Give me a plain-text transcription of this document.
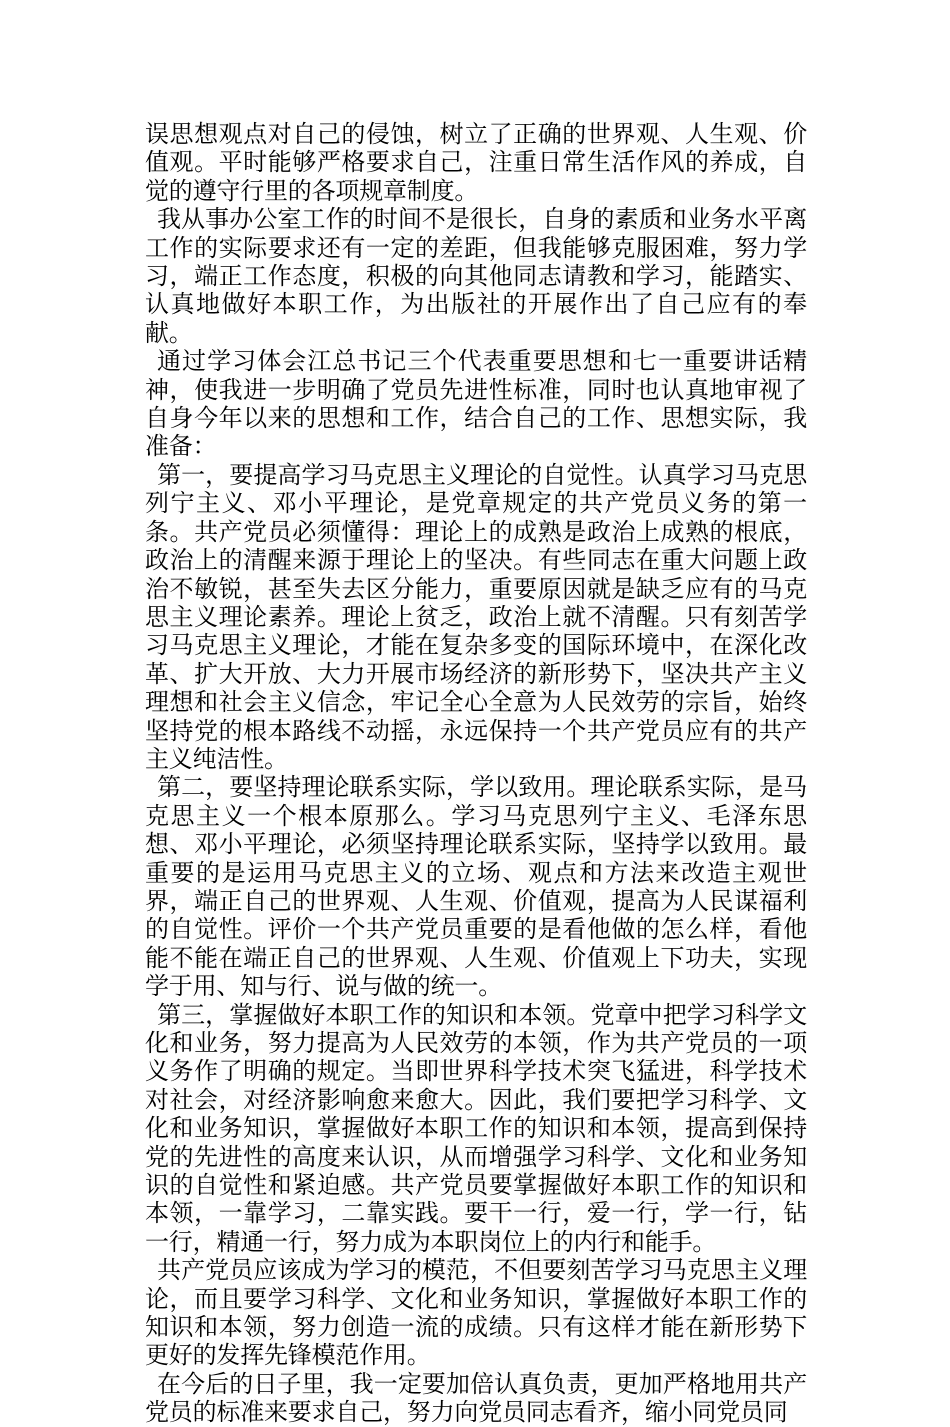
误思想观点对自己的侵蚀，树立了正确的世界观、人生观、价值观。平时能够严格要求自己，注重日常生活作风的养成，自觉的遵守行里的各项规章制度。

我从事办公室工作的时间不是很长，自身的素质和业务水平离工作的实际要求还有一定的差距，但我能够克服困难，努力学习，端正工作态度，积极的向其他同志请教和学习，能踏实、认真地做好本职工作，为出版社的开展作出了自己应有的奉献。

通过学习体会江总书记三个代表重要思想和七一重要讲话精神，使我进一步明确了党员先进性标准，同时也认真地审视了自身今年以来的思想和工作，结合自己的工作、思想实际，我准备：

第一，要提高学习马克思主义理论的自觉性。认真学习马克思列宁主义、邓小平理论，是党章规定的共产党员义务的第一条。共产党员必须懂得：理论上的成熟是政治上成熟的根底，政治上的清醒来源于理论上的坚决。有些同志在重大问题上政治不敏锐，甚至失去区分能力，重要原因就是缺乏应有的马克思主义理论素养。理论上贫乏，政治上就不清醒。只有刻苦学习马克思主义理论，才能在复杂多变的国际环境中，在深化改革、扩大开放、大力开展市场经济的新形势下，坚决共产主义理想和社会主义信念，牢记全心全意为人民效劳的宗旨，始终坚持党的根本路线不动摇，永远保持一个共产党员应有的共产主义纯洁性。

第二，要坚持理论联系实际，学以致用。理论联系实际，是马克思主义一个根本原那么。学习马克思列宁主义、毛泽东思想、邓小平理论，必须坚持理论联系实际，坚持学以致用。最重要的是运用马克思主义的立场、观点和方法来改造主观世界，端正自己的世界观、人生观、价值观，提高为人民谋福利的自觉性。评价一个共产党员重要的是看他做的怎么样，看他能不能在端正自己的世界观、人生观、价值观上下功夫，实现学于用、知与行、说与做的统一。

第三，掌握做好本职工作的知识和本领。党章中把学习科学文化和业务，努力提高为人民效劳的本领，作为共产党员的一项义务作了明确的规定。当即世界科学技术突飞猛进，科学技术对社会，对经济影响愈来愈大。因此，我们要把学习科学、文化和业务知识，掌握做好本职工作的知识和本领，提高到保持党的先进性的高度来认识，从而增强学习科学、文化和业务知识的自觉性和紧迫感。共产党员要掌握做好本职工作的知识和本领，一靠学习，二靠实践。要干一行，爱一行，学一行，钻一行，精通一行，努力成为本职岗位上的内行和能手。

共产党员应该成为学习的模范，不但要刻苦学习马克思主义理论，而且要学习科学、文化和业务知识，掌握做好本职工作的知识和本领，努力创造一流的成绩。只有这样才能在新形势下更好的发挥先锋模范作用。

在今后的日子里，我一定要加倍认真负责，更加严格地用共产党员的标准来要求自己，努力向党员同志看齐，缩小同党员同
